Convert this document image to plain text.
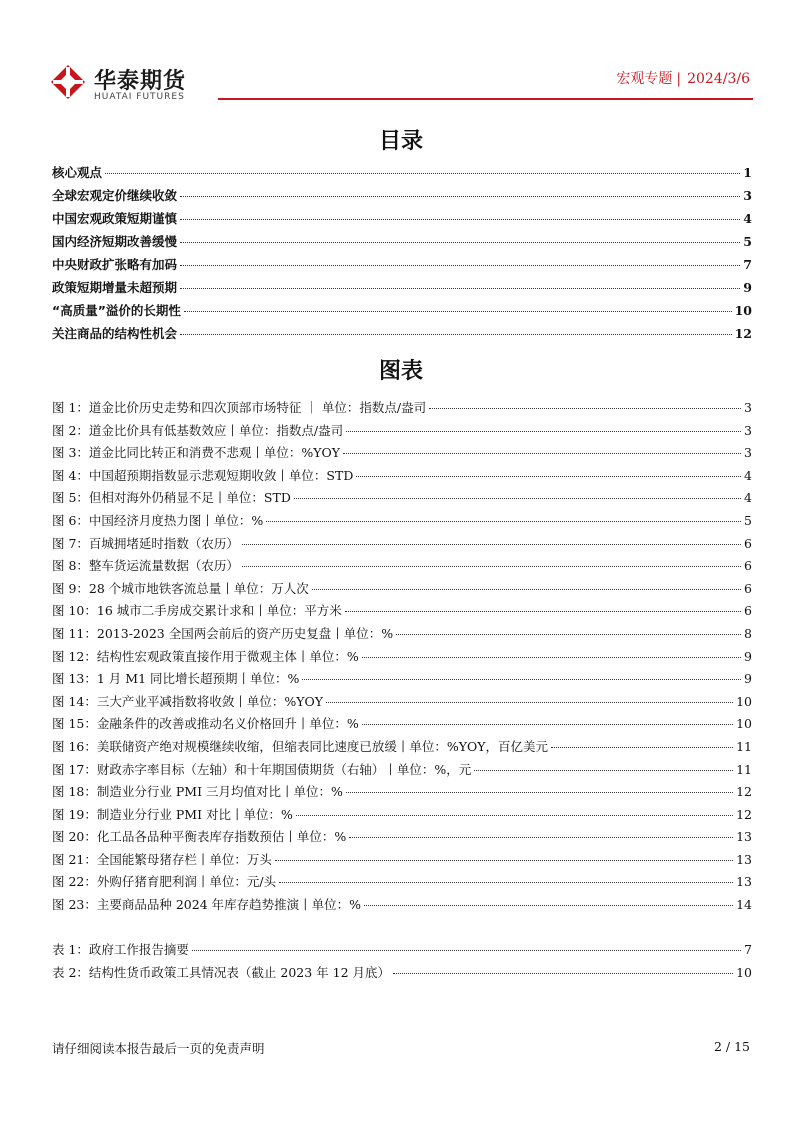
华泰期货
HUATAI FUTURES
宏观专题 | 2024/3/6
目录
核心观点	1
全球宏观定价继续收敛	3
中国宏观政策短期谨慎	4
国内经济短期改善缓慢	5
中央财政扩张略有加码	7
政策短期增量未超预期	9
“高质量”溢价的长期性	10
关注商品的结构性机会	12
图表
图 1：道金比价历史走势和四次顶部市场特征 ｜ 单位：指数点/盎司	3
图 2：道金比价具有低基数效应丨单位：指数点/盎司	3
图 3：道金比同比转正和消费不悲观丨单位：%YOY	3
图 4：中国超预期指数显示悲观短期收敛丨单位：STD	4
图 5：但相对海外仍稍显不足丨单位：STD	4
图 6：中国经济月度热力图丨单位：%	5
图 7：百城拥堵延时指数（农历）	6
图 8：整车货运流量数据（农历）	6
图 9：28 个城市地铁客流总量丨单位：万人次	6
图 10：16 城市二手房成交累计求和丨单位：平方米	6
图 11：2013-2023 全国两会前后的资产历史复盘丨单位：%	8
图 12：结构性宏观政策直接作用于微观主体丨单位：%	9
图 13：1 月 M1 同比增长超预期丨单位：%	9
图 14：三大产业平减指数将收敛丨单位：%YOY	10
图 15：金融条件的改善或推动名义价格回升丨单位：%	10
图 16：美联储资产绝对规模继续收缩，但缩表同比速度已放缓丨单位：%YOY，百亿美元	11
图 17：财政赤字率目标（左轴）和十年期国债期货（右轴）丨单位：%，元	11
图 18：制造业分行业 PMI 三月均值对比丨单位：%	12
图 19：制造业分行业 PMI 对比丨单位：%	12
图 20：化工品各品种平衡表库存指数预估丨单位：%	13
图 21：全国能繁母猪存栏丨单位：万头	13
图 22：外购仔猪育肥利润丨单位：元/头	13
图 23：主要商品品种 2024 年库存趋势推演丨单位：%	14
表 1：政府工作报告摘要	7
表 2：结构性货币政策工具情况表（截止 2023 年 12 月底）	10
请仔细阅读本报告最后一页的免责声明	2 / 15
